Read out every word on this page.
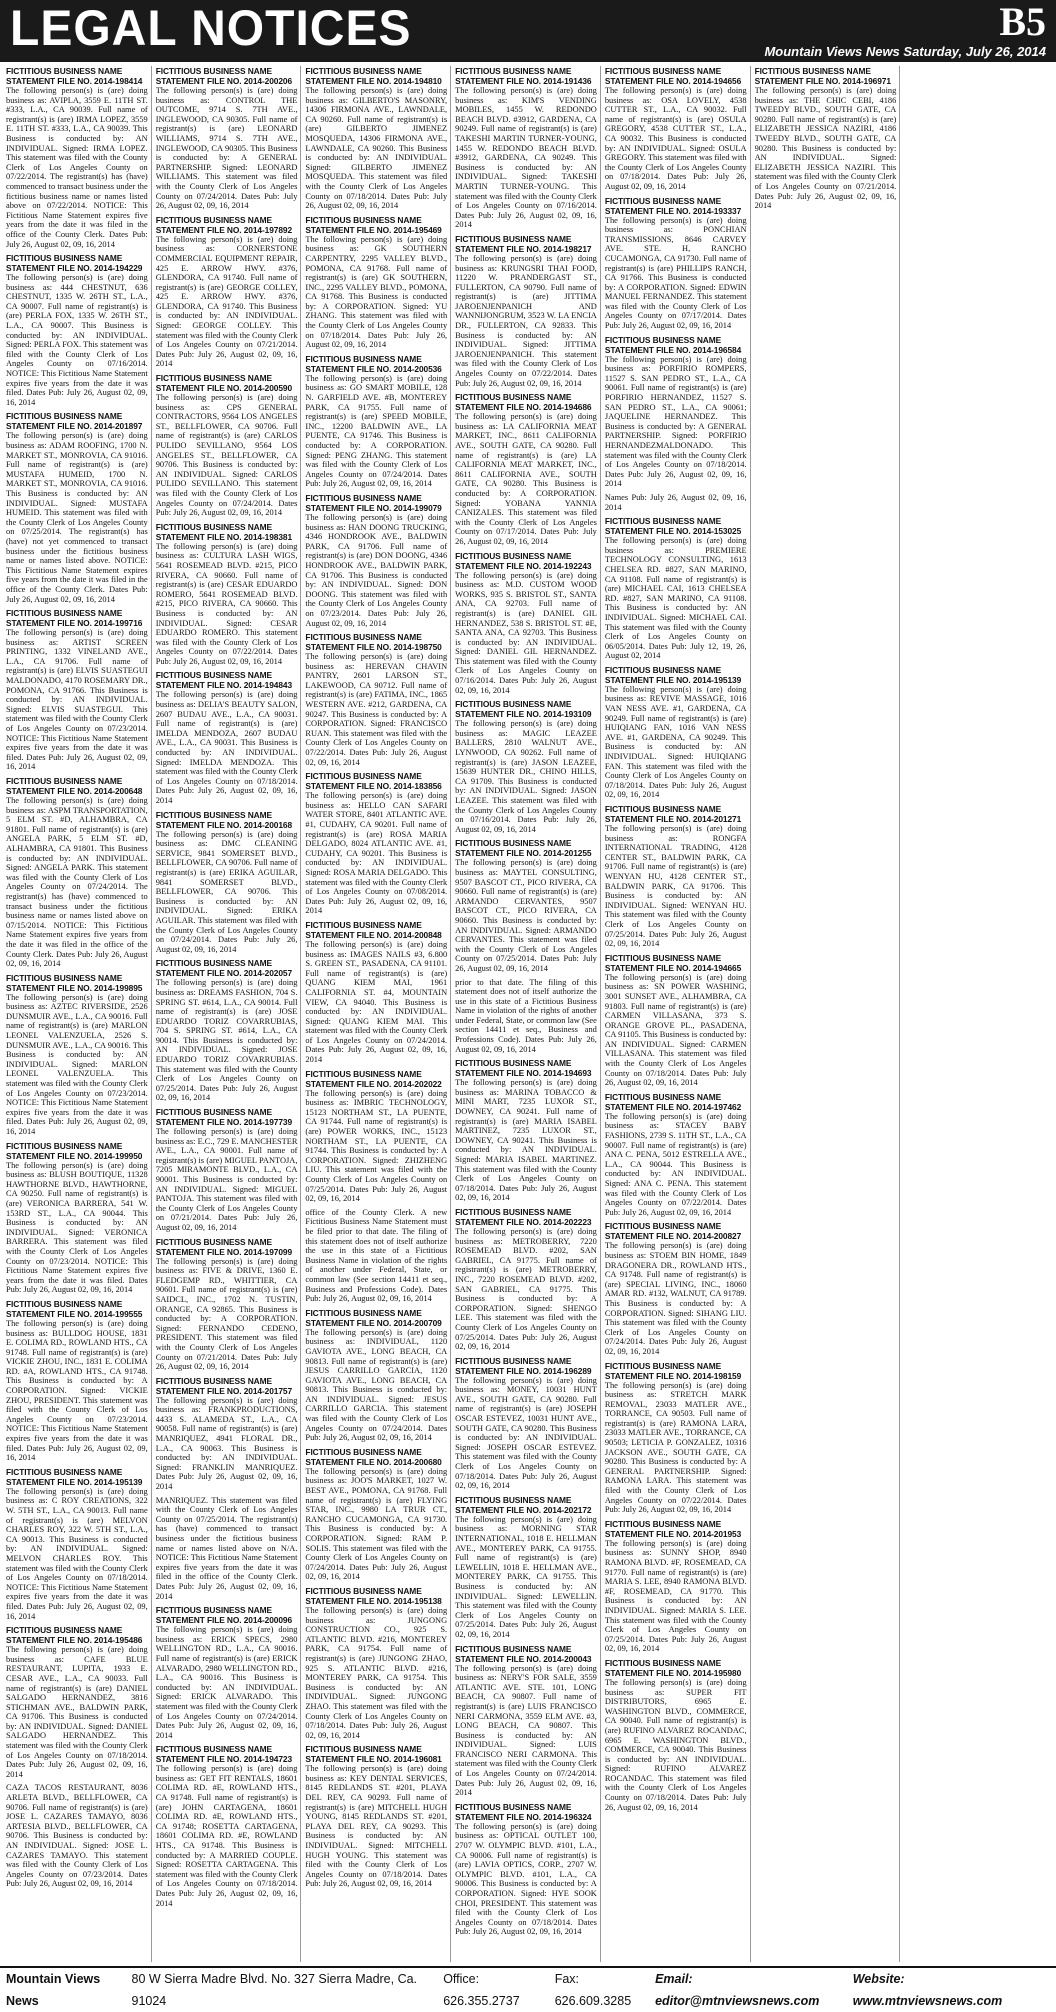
LEGAL NOTICES	B5
Mountain Views News Saturday, July 26, 2014
FICTITIOUS BUSINESS NAME STATEMENT FILE NO. 2014-198414
The following person(s) is (are) doing business as: AVIPLA, 3559 E. 11TH ST. #333, L.A., CA 90039. Full name of registrant(s) is (are) IRMA LOPEZ, 3559 E. 11TH ST. #333, L.A., CA 90039. This Business is conducted by: AN INDIVIDUAL. Signed: IRMA LOPEZ. This statement was filed with the County Clerk of Los Angeles County on 07/22/2014. The registrant(s) has (have) commenced to transact business under the fictitious business name or names listed above on 07/22/2014. NOTICE: This Fictitious Name Statement expires five years from the date it was filed in the office of the County Clerk. Dates Pub: July 26, August 02, 09, 16, 2014
FICTITIOUS BUSINESS NAME STATEMENT FILE NO. 2014-194229
The following person(s) is (are) doing business as: 444 CHESTNUT, 636 CHESTNUT, 1335 W. 26TH ST., L.A., CA 90007. Full name of registrant(s) is (are) PERLA FOX, 1335 W. 26TH ST., L.A., CA 90007. This Business is conducted by: AN INDIVIDUAL. Signed: PERLA FOX. This statement was filed with the County Clerk of Los Angeles County on 07/16/2014. NOTICE: This Fictitious Name Statement expires five years from the date it was filed. Dates Pub: July 26, August 02, 09, 16, 2014
FICTITIOUS BUSINESS NAME STATEMENT FILE NO. 2014-201897
The following person(s) is (are) doing business as: ADAM ROOFING, 1700 N. MARKET ST., MONROVIA, CA 91016. Full name of registrant(s) is (are) MUSTAFA HUMEID, 1700 N. MARKET ST., MONROVIA, CA 91016. This Business is conducted by: AN INDIVIDUAL. Signed: MUSTAFA HUMEID. This statement was filed with the County Clerk of Los Angeles County on 07/25/2014. The registrant(s) has (have) not yet commenced to transact business under the fictitious business name or names listed above. NOTICE: This Fictitious Name Statement expires five years from the date it was filed in the office of the County Clerk. Dates Pub: July 26, August 02, 09, 16, 2014
FICTITIOUS BUSINESS NAME STATEMENT FILE NO. 2014-199716
The following person(s) is (are) doing business as: ARTIST SCREEN PRINTING, 1332 VINELAND AVE., L.A., CA 91706. Full name of registrant(s) is (are) ELVIS SUASTEGUI MALDONADO, 4170 ROSEMARY DR., POMONA, CA 91766. This Business is conducted by: AN INDIVIDUAL. Signed: ELVIS SUASTEGUI. This statement was filed with the County Clerk of Los Angeles County on 07/23/2014. NOTICE: This Fictitious Name Statement expires five years from the date it was filed. Dates Pub: July 26, August 02, 09, 16, 2014
FICTITIOUS BUSINESS NAME STATEMENT FILE NO. 2014-200648
The following person(s) is (are) doing business as: ASPM TRANSPORTATION, 5 ELM ST. #D, ALHAMBRA, CA 91801. Full name of registrant(s) is (are) ANGELA PARK, 5 ELM ST. #D, ALHAMBRA, CA 91801. This Business is conducted by: AN INDIVIDUAL. Signed: ANGELA PARK. This statement was filed with the County Clerk of Los Angeles County on 07/24/2014. The registrant(s) has (have) commenced to transact business under the fictitious business name or names listed above on 07/15/2014. NOTICE: This Fictitious Name Statement expires five years from the date it was filed in the office of the County Clerk. Dates Pub: July 26, August 02, 09, 16, 2014
FICTITIOUS BUSINESS NAME STATEMENT FILE NO. 2014-199895
The following person(s) is (are) doing business as: AZTEC RIVERSIDE, 2526 DUNSMUIR AVE., L.A., CA 90016. Full name of registrant(s) is (are) MARLON LEONEL VALENZUELA, 2526 S. DUNSMUIR AVE., L.A., CA 90016. This Business is conducted by: AN INDIVIDUAL. Signed: MARLON LEONEL VALENZUELA. This statement was filed with the County Clerk of Los Angeles County on 07/23/2014. NOTICE: This Fictitious Name Statement expires five years from the date it was filed. Dates Pub: July 26, August 02, 09, 16, 2014
FICTITIOUS BUSINESS NAME STATEMENT FILE NO. 2014-199950
The following person(s) is (are) doing business as: BLUSH BOUTIQUE, 11328 HAWTHORNE BLVD., HAWTHORNE, CA 90250. Full name of registrant(s) is (are) VERONICA BARRERA, 541 W. 153RD ST., L.A., CA 90044. This Business is conducted by: AN INDIVIDUAL. Signed: VERONICA BARRERA. This statement was filed with the County Clerk of Los Angeles County on 07/23/2014. NOTICE: This Fictitious Name Statement expires five years from the date it was filed. Dates Pub: July 26, August 02, 09, 16, 2014
FICTITIOUS BUSINESS NAME STATEMENT FILE NO. 2014-199555
The following person(s) is (are) doing business as: BULLDOG HOUSE, 1831 E. COLIMA RD., ROWLAND HTS., CA 91748. Full name of registrant(s) is (are) VICKIE ZHOU, INC., 1831 E. COLIMA RD. #A, ROWLAND HTS., CA 91748. This Business is conducted by: A CORPORATION. Signed: VICKIE ZHOU, PRESIDENT. This statement was filed with the County Clerk of Los Angeles County on 07/23/2014. NOTICE: This Fictitious Name Statement expires five years from the date it was filed. Dates Pub: July 26, August 02, 09, 16, 2014
FICTITIOUS BUSINESS NAME STATEMENT FILE NO. 2014-195139
The following person(s) is (are) doing business as: C ROY CREATIONS, 322 W. 5TH ST., L.A., CA 90013. Full name of registrant(s) is (are) MELVON CHARLES ROY, 322 W. 5TH ST., L.A., CA 90013. This Business is conducted by: AN INDIVIDUAL. Signed: MELVON CHARLES ROY. This statement was filed with the County Clerk of Los Angeles County on 07/18/2014. NOTICE: This Fictitious Name Statement expires five years from the date it was filed. Dates Pub: July 26, August 02, 09, 16, 2014
FICTITIOUS BUSINESS NAME STATEMENT FILE NO. 2014-195486
The following person(s) is (are) doing business as: CAFE BLUE RESTAURANT, LUPITA, 1933 E. CESAR AVE., L.A., CA 90033. Full name of registrant(s) is (are) DANIEL SALGADO HERNANDEZ, 3816 STICHMAN AVE., BALDWIN PARK, CA 91706. This Business is conducted by: AN INDIVIDUAL. Signed: DANIEL SALGADO HERNANDEZ. This statement was filed with the County Clerk of Los Angeles County on 07/18/2014. Dates Pub: July 26, August 02, 09, 16, 2014
CAZA TACOS RESTAURANT, 8036 ARLETA BLVD., BELLFLOWER, CA 90706. Full name of registrant(s) is (are) JOSE L. CAZARES TAMAYO, 8036 ARTESIA BLVD., BELLFLOWER, CA 90706. This Business is conducted by: AN INDIVIDUAL. Signed: JOSE L. CAZARES TAMAYO. This statement was filed with the County Clerk of Los Angeles County on 07/23/2014. Dates Pub: July 26, August 02, 09, 16, 2014
FICTITIOUS BUSINESS NAME STATEMENT FILE NO. 2014-200206
The following person(s) is (are) doing business as: CONTROL THE OUTCOME, 9714 S. 7TH AVE., INGLEWOOD, CA 90305. Full name of registrant(s) is (are) LEONARD WILLIAMS, 9714 S. 7TH AVE., INGLEWOOD, CA 90305. This Business is conducted by: A GENERAL PARTNERSHIP. Signed: LEONARD WILLIAMS. This statement was filed with the County Clerk of Los Angeles County on 07/24/2014. Dates Pub: July 26, August 02, 09, 16, 2014
FICTITIOUS BUSINESS NAME STATEMENT FILE NO. 2014-197892
The following person(s) is (are) doing business as: CORNERSTONE COMMERCIAL EQUIPMENT REPAIR, 425 E. ARROW HWY. #376, GLENDORA, CA 91740. Full name of registrant(s) is (are) GEORGE COLLEY, 425 E. ARROW HWY. #376, GLENDORA, CA 91740. This Business is conducted by: AN INDIVIDUAL. Signed: GEORGE COLLEY. This statement was filed with the County Clerk of Los Angeles County on 07/21/2014. Dates Pub: July 26, August 02, 09, 16, 2014
FICTITIOUS BUSINESS NAME STATEMENT FILE NO. 2014-200590
The following person(s) is (are) doing business as: CPS GENERAL CONTRACTORS, 9564 LOS ANGELES ST., BELLFLOWER, CA 90706. Full name of registrant(s) is (are) CARLOS PULIDO SEVILLANO, 9564 LOS ANGELES ST., BELLFLOWER, CA 90706. This Business is conducted by: AN INDIVIDUAL. Signed: CARLOS PULIDO SEVILLANO. This statement was filed with the County Clerk of Los Angeles County on 07/24/2014. Dates Pub: July 26, August 02, 09, 16, 2014
FICTITIOUS BUSINESS NAME STATEMENT FILE NO. 2014-198381
The following person(s) is (are) doing business as: CULTURA LASH WIGS, 5641 ROSEMEAD BLVD. #215, PICO RIVERA, CA 90660. Full name of registrant(s) is (are) CESAR EDUARDO ROMERO, 5641 ROSEMEAD BLVD. #215, PICO RIVERA, CA 90660. This Business is conducted by: AN INDIVIDUAL. Signed: CESAR EDUARDO ROMERO. This statement was filed with the County Clerk of Los Angeles County on 07/22/2014. Dates Pub: July 26, August 02, 09, 16, 2014
FICTITIOUS BUSINESS NAME STATEMENT FILE NO. 2014-194843
The following person(s) is (are) doing business as: DELIA'S BEAUTY SALON, 2607 BUDAU AVE., L.A., CA 90031. Full name of registrant(s) is (are) IMELDA MENDOZA, 2607 BUDAU AVE., L.A., CA 90031. This Business is conducted by: AN INDIVIDUAL. Signed: IMELDA MENDOZA. This statement was filed with the County Clerk of Los Angeles County on 07/18/2014. Dates Pub: July 26, August 02, 09, 16, 2014
FICTITIOUS BUSINESS NAME STATEMENT FILE NO. 2014-200168
The following person(s) is (are) doing business as: DMC CLEANING SERVICE, 9841 SOMERSET BLVD., BELLFLOWER, CA 90706. Full name of registrant(s) is (are) ERIKA AGUILAR, 9841 SOMERSET BLVD., BELLFLOWER, CA 90706. This Business is conducted by: AN INDIVIDUAL. Signed: ERIKA AGUILAR. This statement was filed with the County Clerk of Los Angeles County on 07/24/2014. Dates Pub: July 26, August 02, 09, 16, 2014
FICTITIOUS BUSINESS NAME STATEMENT FILE NO. 2014-202057
The following person(s) is (are) doing business as: DREAMS FASHION, 704 S. SPRING ST. #614, L.A., CA 90014. Full name of registrant(s) is (are) JOSE EDUARDO TORIZ COVARRUBIAS, 704 S. SPRING ST. #614, L.A., CA 90014. This Business is conducted by: AN INDIVIDUAL. Signed: JOSE EDUARDO TORIZ COVARRUBIAS. This statement was filed with the County Clerk of Los Angeles County on 07/25/2014. Dates Pub: July 26, August 02, 09, 16, 2014
FICTITIOUS BUSINESS NAME STATEMENT FILE NO. 2014-197739
The following person(s) is (are) doing business as: E.C., 729 E. MANCHESTER AVE., L.A., CA 90001. Full name of registrant(s) is (are) MIGUEL PANTOJA, 7205 MIRAMONTE BLVD., L.A., CA 90001. This Business is conducted by: AN INDIVIDUAL. Signed: MIGUEL PANTOJA. This statement was filed with the County Clerk of Los Angeles County on 07/21/2014. Dates Pub: July 26, August 02, 09, 16, 2014
FICTITIOUS BUSINESS NAME STATEMENT FILE NO. 2014-197099
The following person(s) is (are) doing business as: FIVE & DRIVE, 1360 E. FLEDGEMP RD., WHITTIER, CA 90601. Full name of registrant(s) is (are) SAIDCL, INC., 1702 N. TUSTIN, ORANGE, CA 92865. This Business is conducted by: A CORPORATION. Signed: FERNANDO CEDENO, PRESIDENT. This statement was filed with the County Clerk of Los Angeles County on 07/21/2014. Dates Pub: July 26, August 02, 09, 16, 2014
FICTITIOUS BUSINESS NAME STATEMENT FILE NO. 2014-201757
The following person(s) is (are) doing business as: FRANKPRODUCTIONS, 4433 S. ALAMEDA ST., L.A., CA 90058. Full name of registrant(s) is (are) MANRIQUEZ, 4941 FLORAL DR., L.A., CA 90063. This Business is conducted by: AN INDIVIDUAL. Signed: FRANKLIN MANRIQUEZ. Dates Pub: July 26, August 02, 09, 16, 2014
MANRIQUEZ. This statement was filed with the County Clerk of Los Angeles County on 07/25/2014. The registrant(s) has (have) commenced to transact business under the fictitious business name or names listed above on N/A. NOTICE: This Fictitious Name Statement expires five years from the date it was filed in the office of the County Clerk. Dates Pub: July 26, August 02, 09, 16, 2014
FICTITIOUS BUSINESS NAME STATEMENT FILE NO. 2014-200096
The following person(s) is (are) doing business as: ERICK SPECS, 2980 WELLINGTON RD., L.A., CA 90016. Full name of registrant(s) is (are) ERICK ALVARADO, 2980 WELLINGTON RD., L.A., CA 90016. This Business is conducted by: AN INDIVIDUAL. Signed: ERICK ALVARADO. This statement was filed with the County Clerk of Los Angeles County on 07/24/2014. Dates Pub: July 26, August 02, 09, 16, 2014
FICTITIOUS BUSINESS NAME STATEMENT FILE NO. 2014-194723
The following person(s) is (are) doing business as: GET FIT RENTALS, 18601 COLIMA RD. #E, ROWLAND HTS., CA 91748. Full name of registrant(s) is (are) JOHN CARTAGENA, 18601 COLIMA RD. #E, ROWLAND HTS., CA 91748; ROSETTA CARTAGENA, 18601 COLIMA RD. #E, ROWLAND HTS., CA 91748. This Business is conducted by: A MARRIED COUPLE. Signed: ROSETTA CARTAGENA. This statement was filed with the County Clerk of Los Angeles County on 07/18/2014. Dates Pub: July 26, August 02, 09, 16, 2014
FICTITIOUS BUSINESS NAME STATEMENT FILE NO. 2014-194810
The following person(s) is (are) doing business as: GILBERTO'S MASONRY, 14306 FIRMONA AVE., LAWNDALE, CA 90260. Full name of registrant(s) is (are) GILBERTO JIMENEZ MOSQUEDA, 14306 FIRMONA AVE., LAWNDALE, CA 90260. This Business is conducted by: AN INDIVIDUAL. Signed: GILBERTO JIMENEZ MOSQUEDA. This statement was filed with the County Clerk of Los Angeles County on 07/18/2014. Dates Pub: July 26, August 02, 09, 16, 2014
FICTITIOUS BUSINESS NAME STATEMENT FILE NO. 2014-195469
The following person(s) is (are) doing business as: GK SOUTHERN CARPENTRY, 2295 VALLEY BLVD., POMONA, CA 91768. Full name of registrant(s) is (are) GK SOUTHERN, INC., 2295 VALLEY BLVD., POMONA, CA 91768. This Business is conducted by: A CORPORATION. Signed: YU ZHANG. This statement was filed with the County Clerk of Los Angeles County on 07/18/2014. Dates Pub: July 26, August 02, 09, 16, 2014
FICTITIOUS BUSINESS NAME STATEMENT FILE NO. 2014-200536
The following person(s) is (are) doing business as: GO SMART MOBILE, 128 N. GARFIELD AVE. #B, MONTEREY PARK, CA 91755. Full name of registrant(s) is (are) SPEED MOBILE, INC., 12200 BALDWIN AVE., LA PUENTE, CA 91746. This Business is conducted by: A CORPORATION. Signed: PENG ZHANG. This statement was filed with the County Clerk of Los Angeles County on 07/24/2014. Dates Pub: July 26, August 02, 09, 16, 2014
FICTITIOUS BUSINESS NAME STATEMENT FILE NO. 2014-199079
The following person(s) is (are) doing business as: HAN DOONG TRUCKING, 4346 HONDROOK AVE., BALDWIN PARK, CA 91706. Full name of registrant(s) is (are) DON DOONG, 4346 HONDROOK AVE., BALDWIN PARK, CA 91706. This Business is conducted by: AN INDIVIDUAL. Signed: DON DOONG. This statement was filed with the County Clerk of Los Angeles County on 07/23/2014. Dates Pub: July 26, August 02, 09, 16, 2014
FICTITIOUS BUSINESS NAME STATEMENT FILE NO. 2014-198750
The following person(s) is (are) doing business as: HEREVAN CHAVIN PANTRY, 2601 LARSON ST., LAKEWOOD, CA 90712. Full name of registrant(s) is (are) FATIMA, INC., 1865 WESTERN AVE. #212, GARDENA, CA 90247. This Business is conducted by: A CORPORATION. Signed: FRANCISCO RUAN. This statement was filed with the County Clerk of Los Angeles County on 07/22/2014. Dates Pub: July 26, August 02, 09, 16, 2014
FICTITIOUS BUSINESS NAME STATEMENT FILE NO. 2014-183856
The following person(s) is (are) doing business as: HELLO CAN SAFARI WATER STORE, 8401 ATLANTIC AVE. #1, CUDAHY, CA 90201. Full name of registrant(s) is (are) ROSA MARIA DELGADO, 8024 ATLANTIC AVE. #1, CUDAHY, CA 90201. This Business is conducted by: AN INDIVIDUAL. Signed: ROSA MARIA DELGADO. This statement was filed with the County Clerk of Los Angeles County on 07/08/2014. Dates Pub: July 26, August 02, 09, 16, 2014
FICTITIOUS BUSINESS NAME STATEMENT FILE NO. 2014-200848
The following person(s) is (are) doing business as: IMAGES NAILS #3, 6.800 S. GREEN ST., PASADENA, CA 91101. Full name of registrant(s) is (are) QUANG KIEM MAI, 1961 CALIFORNIA ST. #4, MOUNTAIN VIEW, CA 94040. This Business is conducted by: AN INDIVIDUAL. Signed: QUANG KIEM MAI. This statement was filed with the County Clerk of Los Angeles County on 07/24/2014. Dates Pub: July 26, August 02, 09, 16, 2014
FICTITIOUS BUSINESS NAME STATEMENT FILE NO. 2014-202022
The following person(s) is (are) doing business as: IMBRIC TECHNOLOGY, 15123 NORTHAM ST., LA PUENTE, CA 91744. Full name of registrant(s) is (are) POWER WORKS, INC., 15123 NORTHAM ST., LA PUENTE, CA 91744. This Business is conducted by: A CORPORATION. Signed: ZHIZHENG LIU. This statement was filed with the County Clerk of Los Angeles County on 07/25/2014. Dates Pub: July 26, August 02, 09, 16, 2014
office of the County Clerk. A new Fictitious Business Name Statement must be filed prior to that date. The filing of this statement does not of itself authorize the use in this state of a Fictitious Business Name in violation of the rights of another under Federal, State, or common law (See section 14411 et seq., Business and Professions Code). Dates Pub: July 26, August 02, 09, 16, 2014
FICTITIOUS BUSINESS NAME STATEMENT FILE NO. 2014-200709
The following person(s) is (are) doing business as: INDIVIDUAL, 1120 GAVIOTA AVE., LONG BEACH, CA 90813. Full name of registrant(s) is (are) JESUS CARRILLO GARCIA, 1120 GAVIOTA AVE., LONG BEACH, CA 90813. This Business is conducted by: AN INDIVIDUAL. Signed: JESUS CARRILLO GARCIA. This statement was filed with the County Clerk of Los Angeles County on 07/24/2014. Dates Pub: July 26, August 02, 09, 16, 2014
FICTITIOUS BUSINESS NAME STATEMENT FILE NO. 2014-200680
The following person(s) is (are) doing business as: JOO'S MARKET, 1027 W. BEST AVE., POMONA, CA 91768. Full name of registrant(s) is (are) FLYING STAR, INC., 9980 LA TRUR CT., RANCHO CUCAMONGA, CA 91730. This Business is conducted by: A CORPORATION. Signed: RAM P. SOLIS. This statement was filed with the County Clerk of Los Angeles County on 07/24/2014. Dates Pub: July 26, August 02, 09, 16, 2014
FICTITIOUS BUSINESS NAME STATEMENT FILE NO. 2014-195138
The following person(s) is (are) doing business as: JUNGONG CONSTRUCTION CO., 925 S. ATLANTIC BLVD. #216, MONTEREY PARK, CA 91754. Full name of registrant(s) is (are) JUNGONG ZHAO, 925 S. ATLANTIC BLVD. #216, MONTEREY PARK, CA 91754. This Business is conducted by: AN INDIVIDUAL. Signed: JUNGONG ZHAO. This statement was filed with the County Clerk of Los Angeles County on 07/18/2014. Dates Pub: July 26, August 02, 09, 16, 2014
FICTITIOUS BUSINESS NAME STATEMENT FILE NO. 2014-196081
The following person(s) is (are) doing business as: KEY DENTAL SERVICES, 8145 REDLANDS ST. #201, PLAYA DEL REY, CA 90293. Full name of registrant(s) is (are) MITCHELL HUGH YOUNG, 8145 REDLANDS ST. #201, PLAYA DEL REY, CA 90293. This Business is conducted by: AN INDIVIDUAL. Signed: MITCHELL HUGH YOUNG. This statement was filed with the County Clerk of Los Angeles County on 07/18/2014. Dates Pub: July 26, August 02, 09, 16, 2014
FICTITIOUS BUSINESS NAME STATEMENT FILE NO. 2014-191436
The following person(s) is (are) doing business as: KIM'S VENDING MOBILES, 1455 W. REDONDO BEACH BLVD. #3912, GARDENA, CA 90249. Full name of registrant(s) is (are) TAKESHI MARTIN TURNER-YOUNG, 1455 W. REDONDO BEACH BLVD. #3912, GARDENA, CA 90249. This Business is conducted by: AN INDIVIDUAL. Signed: TAKESHI MARTIN TURNER-YOUNG. This statement was filed with the County Clerk of Los Angeles County on 07/16/2014. Dates Pub: July 26, August 02, 09, 16, 2014
FICTITIOUS BUSINESS NAME STATEMENT FILE NO. 2014-198217
The following person(s) is (are) doing business as: KRUNGSRI THAI FOOD, 11220 W. PRANDERGAST ST., FULLERTON, CA 90790. Full name of registrant(s) is (are) JITTIMA JAROENJENPANICH AND WANNIJONGRUM, 3523 W. LA ENCIA DR., FULLERTON, CA 92833. This Business is conducted by: AN INDIVIDUAL. Signed: JITTIMA JAROENJENPANICH. This statement was filed with the County Clerk of Los Angeles County on 07/22/2014. Dates Pub: July 26, August 02, 09, 16, 2014
FICTITIOUS BUSINESS NAME STATEMENT FILE NO. 2014-194686
The following person(s) is (are) doing business as: LA CALIFORNIA MEAT MARKET, INC., 8611 CALIFORNIA AVE., SOUTH GATE, CA 90280. Full name of registrant(s) is (are) LA CALIFORNIA MEAT MARKET, INC., 8611 CALIFORNIA AVE., SOUTH GATE, CA 90280. This Business is conducted by: A CORPORATION. Signed: YOBANA YANNIA CANIZALES. This statement was filed with the County Clerk of Los Angeles County on 07/17/2014. Dates Pub: July 26, August 02, 09, 16, 2014
FICTITIOUS BUSINESS NAME STATEMENT FILE NO. 2014-192243
The following person(s) is (are) doing business as: M.D. CUSTOM WOOD WORKS, 935 S. BRISTOL ST., SANTA ANA, CA 92703. Full name of registrant(s) is (are) DANIEL GIL HERNANDEZ, 538 S. BRISTOL ST. #E, SANTA ANA, CA 92703. This Business is conducted by: AN INDIVIDUAL. Signed: DANIEL GIL HERNANDEZ. This statement was filed with the County Clerk of Los Angeles County on 07/16/2014. Dates Pub: July 26, August 02, 09, 16, 2014
FICTITIOUS BUSINESS NAME STATEMENT FILE NO. 2014-193109
The following person(s) is (are) doing business as: MAGIC LEAZEE BALLERS, 2810 WALNUT AVE., LYNWOOD, CA 90262. Full name of registrant(s) is (are) JASON LEAZEE, 15639 HUNTER DR., CHINO HILLS, CA 91709. This Business is conducted by: AN INDIVIDUAL. Signed: JASON LEAZEE. This statement was filed with the County Clerk of Los Angeles County on 07/16/2014. Dates Pub: July 26, August 02, 09, 16, 2014
FICTITIOUS BUSINESS NAME STATEMENT FILE NO. 2014-201255
The following person(s) is (are) doing business as: MAYTEL CONSULTING, 9507 BASCOT CT., PICO RIVERA, CA 90660. Full name of registrant(s) is (are) ARMANDO CERVANTES, 9507 BASCOT CT., PICO RIVERA, CA 90660. This Business is conducted by: AN INDIVIDUAL. Signed: ARMANDO CERVANTES. This statement was filed with the County Clerk of Los Angeles County on 07/25/2014. Dates Pub: July 26, August 02, 09, 16, 2014
prior to that date. The filing of this statement does not of itself authorize the use in this state of a Fictitious Business Name in violation of the rights of another under Federal, State, or common law (See section 14411 et seq., Business and Professions Code). Dates Pub: July 26, August 02, 09, 16, 2014
FICTITIOUS BUSINESS NAME STATEMENT FILE NO. 2014-194693
The following person(s) is (are) doing business as: MARINA TOBACCO & MINI MART, 7235 LUXOR ST., DOWNEY, CA 90241. Full name of registrant(s) is (are) MARIA ISABEL MARTINEZ, 7235 LUXOR ST., DOWNEY, CA 90241. This Business is conducted by: AN INDIVIDUAL. Signed: MARIA ISABEL MARTINEZ. This statement was filed with the County Clerk of Los Angeles County on 07/18/2014. Dates Pub: July 26, August 02, 09, 16, 2014
FICTITIOUS BUSINESS NAME STATEMENT FILE NO. 2014-202223
The following person(s) is (are) doing business as: METROBERRY, 7220 ROSEMEAD BLVD. #202, SAN GABRIEL, CA 91775. Full name of registrant(s) is (are) METROBERRY, INC., 7220 ROSEMEAD BLVD. #202, SAN GABRIEL, CA 91775. This Business is conducted by: A CORPORATION. Signed: SHENGO LEE. This statement was filed with the County Clerk of Los Angeles County on 07/25/2014. Dates Pub: July 26, August 02, 09, 16, 2014
FICTITIOUS BUSINESS NAME STATEMENT FILE NO. 2014-196289
The following person(s) is (are) doing business as: MONEY, 10031 HUNT AVE., SOUTH GATE, CA 90280. Full name of registrant(s) is (are) JOSEPH OSCAR ESTEVEZ, 10031 HUNT AVE., SOUTH GATE, CA 90280. This Business is conducted by: AN INDIVIDUAL. Signed: JOSEPH OSCAR ESTEVEZ. This statement was filed with the County Clerk of Los Angeles County on 07/18/2014. Dates Pub: July 26, August 02, 09, 16, 2014
FICTITIOUS BUSINESS NAME STATEMENT FILE NO. 2014-202172
The following person(s) is (are) doing business as: MORNING STAR INTERNATIONAL, 1018 E. HELLMAN AVE., MONTEREY PARK, CA 91755. Full name of registrant(s) is (are) LEWELLIN, 1018 E. HELLMAN AVE., MONTEREY PARK, CA 91755. This Business is conducted by: AN INDIVIDUAL. Signed: LEWELLIN. This statement was filed with the County Clerk of Los Angeles County on 07/25/2014. Dates Pub: July 26, August 02, 09, 16, 2014
FICTITIOUS BUSINESS NAME STATEMENT FILE NO. 2014-200043
The following person(s) is (are) doing business as: NERY'S FOR SALE, 3559 ATLANTIC AVE. STE. 101, LONG BEACH, CA 90807. Full name of registrant(s) is (are) LUIS FRANCISCO NERI CARMONA, 3559 ELM AVE. #3, LONG BEACH, CA 90807. This Business is conducted by: AN INDIVIDUAL. Signed: LUIS FRANCISCO NERI CARMONA. This statement was filed with the County Clerk of Los Angeles County on 07/24/2014. Dates Pub: July 26, August 02, 09, 16, 2014
FICTITIOUS BUSINESS NAME STATEMENT FILE NO. 2014-196324
The following person(s) is (are) doing business as: OPTICAL OUTLET 100, 2707 W. OLYMPIC BLVD. #101, L.A., CA 90006. Full name of registrant(s) is (are) LAVIA OPTICS, CORP., 2707 W. OLYMPIC BLVD. #101, L.A., CA 90006. This Business is conducted by: A CORPORATION. Signed: HYE SOOK CHOI, PRESIDENT. This statement was filed with the County Clerk of Los Angeles County on 07/18/2014. Dates Pub: July 26, August 02, 09, 16, 2014
FICTITIOUS BUSINESS NAME STATEMENT FILE NO. 2014-194656
The following person(s) is (are) doing business as: OSA LOVELY, 4538 CUTTER ST., L.A., CA 90032. Full name of registrant(s) is (are) OSULA GREGORY, 4538 CUTTER ST., L.A., CA 90032. This Business is conducted by: AN INDIVIDUAL. Signed: OSULA GREGORY. This statement was filed with the County Clerk of Los Angeles County on 07/18/2014. Dates Pub: July 26, August 02, 09, 16, 2014
FICTITIOUS BUSINESS NAME STATEMENT FILE NO. 2014-193337
The following person(s) is (are) doing business as: PONCHIAN TRANSMISSIONS, 8646 CARVEY AVE. STE. H, RANCHO CUCAMONGA, CA 91730. Full name of registrant(s) is (are) PHILLIPS RANCH, CA 91766. This Business is conducted by: A CORPORATION. Signed: EDWIN MANUEL FERNANDEZ. This statement was filed with the County Clerk of Los Angeles County on 07/17/2014. Dates Pub: July 26, August 02, 09, 16, 2014
FICTITIOUS BUSINESS NAME STATEMENT FILE NO. 2014-196584
The following person(s) is (are) doing business as: PORFIRIO ROMPERS, 11527 S. SAN PEDRO ST., L.A., CA 90061. Full name of registrant(s) is (are) PORFIRIO HERNANDEZ, 11527 S. SAN PEDRO ST., L.A., CA 90061; JAQUELINE HERNANDEZ. This Business is conducted by: A GENERAL PARTNERSHIP. Signed: PORFIRIO HERNANDEZMALDONADO. This statement was filed with the County Clerk of Los Angeles County on 07/18/2014. Dates Pub: July 26, August 02, 09, 16, 2014
Names Pub: July 26, August 02, 09, 16, 2014
FICTITIOUS BUSINESS NAME STATEMENT FILE NO. 2014-153025
The following person(s) is (are) doing business as: PREMIERE TECHNOLOGY CONSULTING, 1613 CHELSEA RD. #827, SAN MARINO, CA 91108. Full name of registrant(s) is (are) MICHAEL CAI, 1613 CHELSEA RD. #827, SAN MARINO, CA 91108. This Business is conducted by: AN INDIVIDUAL. Signed: MICHAEL CAI. This statement was filed with the County Clerk of Los Angeles County on 06/05/2014. Dates Pub: July 12, 19, 26, August 02, 2014
FICTITIOUS BUSINESS NAME STATEMENT FILE NO. 2014-195139
The following person(s) is (are) doing business as: REVIVE MASSAGE, 1016 VAN NESS AVE. #1, GARDENA, CA 90249. Full name of registrant(s) is (are) HUIQIANG FAN, 1016 VAN NESS AVE. #1, GARDENA, CA 90249. This Business is conducted by: AN INDIVIDUAL. Signed: HUIQIANG FAN. This statement was filed with the County Clerk of Los Angeles County on 07/18/2014. Dates Pub: July 26, August 02, 09, 16, 2014
FICTITIOUS BUSINESS NAME STATEMENT FILE NO. 2014-201271
The following person(s) is (are) doing business as: RONGFA INTERNATIONAL TRADING, 4128 CENTER ST., BALDWIN PARK, CA 91706. Full name of registrant(s) is (are) WENYAN HU, 4128 CENTER ST., BALDWIN PARK, CA 91706. This Business is conducted by: AN INDIVIDUAL. Signed: WENYAN HU. This statement was filed with the County Clerk of Los Angeles County on 07/25/2014. Dates Pub: July 26, August 02, 09, 16, 2014
FICTITIOUS BUSINESS NAME STATEMENT FILE NO. 2014-194665
The following person(s) is (are) doing business as: SN POWER WASHING, 3001 SUNSET AVE., ALHAMBRA, CA 91803. Full name of registrant(s) is (are) CARMEN VILLASANA, 373 S. ORANGE GROVE PL., PASADENA, CA 91105. This Business is conducted by: AN INDIVIDUAL. Signed: CARMEN VILLASANA. This statement was filed with the County Clerk of Los Angeles County on 07/18/2014. Dates Pub: July 26, August 02, 09, 16, 2014
FICTITIOUS BUSINESS NAME STATEMENT FILE NO. 2014-197462
The following person(s) is (are) doing business as: STACEY BABY FASHIONS, 2739 S. 11TH ST., L.A., CA 90007. Full name of registrant(s) is (are) ANA C. PENA, 5012 ESTRELLA AVE., L.A., CA 90044. This Business is conducted by: AN INDIVIDUAL. Signed: ANA C. PENA. This statement was filed with the County Clerk of Los Angeles County on 07/22/2014. Dates Pub: July 26, August 02, 09, 16, 2014
FICTITIOUS BUSINESS NAME STATEMENT FILE NO. 2014-200827
The following person(s) is (are) doing business as: STOEM BIN HOME, 1849 DRAGONERA DR., ROWLAND HTS., CA 91748. Full name of registrant(s) is (are) SPECIAL LIVING, INC., 18060 AMAR RD. #132, WALNUT, CA 91789. This Business is conducted by: A CORPORATION. Signed: SIHANG LIU. This statement was filed with the County Clerk of Los Angeles County on 07/24/2014. Dates Pub: July 26, August 02, 09, 16, 2014
FICTITIOUS BUSINESS NAME STATEMENT FILE NO. 2014-198159
The following person(s) is (are) doing business as: STRETCH MARK REMOVAL, 23033 MATLER AVE., TORRANCE, CA 90503. Full name of registrant(s) is (are) RAMONA LARA, 23033 MATLER AVE., TORRANCE, CA 90503; LETICIA P. GONZALEZ, 10316 JACKSON AVE., SOUTH GATE, CA 90280. This Business is conducted by: A GENERAL PARTNERSHIP. Signed: RAMONA LARA. This statement was filed with the County Clerk of Los Angeles County on 07/22/2014. Dates Pub: July 26, August 02, 09, 16, 2014
FICTITIOUS BUSINESS NAME STATEMENT FILE NO. 2014-201953
The following person(s) is (are) doing business as: SUNNY SHOP, 8940 RAMONA BLVD. #F, ROSEMEAD, CA 91770. Full name of registrant(s) is (are) MARIA S. LEE, 8940 RAMONA BLVD. #F, ROSEMEAD, CA 91770. This Business is conducted by: AN INDIVIDUAL. Signed: MARIA S. LEE. This statement was filed with the County Clerk of Los Angeles County on 07/25/2014. Dates Pub: July 26, August 02, 09, 16, 2014
FICTITIOUS BUSINESS NAME STATEMENT FILE NO. 2014-195980
The following person(s) is (are) doing business as: SUPER FIT DISTRIBUTORS, 6965 E. WASHINGTON BLVD., COMMERCE, CA 90040. Full name of registrant(s) is (are) RUFINO ALVAREZ ROCANDAC, 6965 E. WASHINGTON BLVD., COMMERCE, CA 90040. This Business is conducted by: AN INDIVIDUAL. Signed: RUFINO ALVAREZ ROCANDAC. This statement was filed with the County Clerk of Los Angeles County on 07/18/2014. Dates Pub: July 26, August 02, 09, 16, 2014
FICTITIOUS BUSINESS NAME STATEMENT FILE NO. 2014-196971
The following person(s) is (are) doing business as: THE CHIC CEBI, 4186 TWEEDY BLVD., SOUTH GATE, CA 90280. Full name of registrant(s) is (are) ELIZABETH JESSICA NAZIRI, 4186 TWEEDY BLVD., SOUTH GATE, CA 90280. This Business is conducted by: AN INDIVIDUAL. Signed: ELIZABETH JESSICA NAZIRI. This statement was filed with the County Clerk of Los Angeles County on 07/21/2014. Dates Pub: July 26, August 02, 09, 16, 2014
Mountain Views News
80 W Sierra Madre Blvd. No. 327 Sierra Madre, Ca. 91024
Office: 626.355.2737
Fax: 626.609.3285
Email: editor@mtnviewsnews.com
Website: www.mtnviewsnews.com
